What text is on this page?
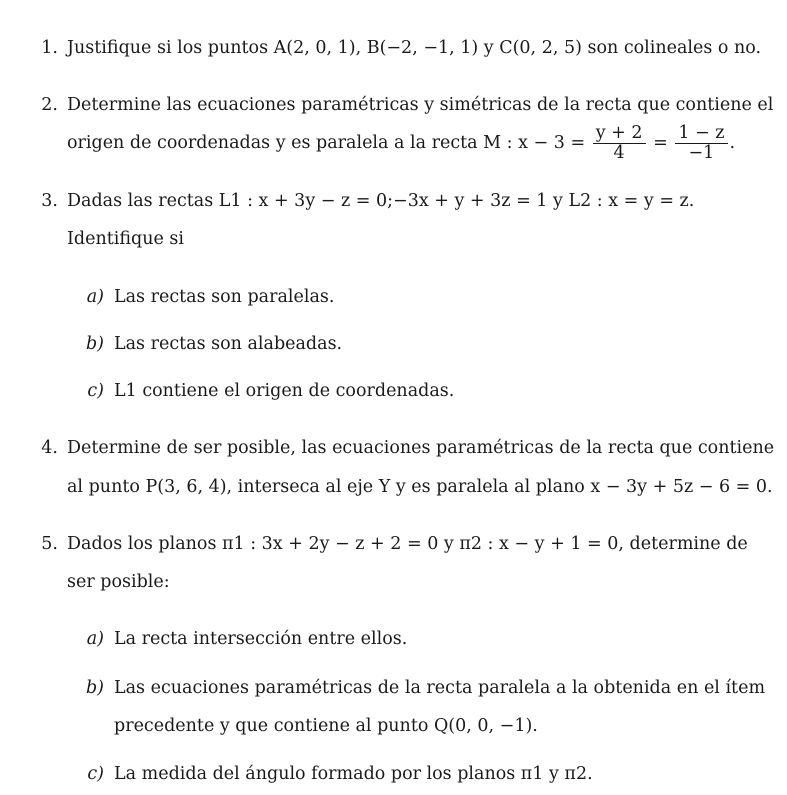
1. Justifique si los puntos A(2, 0, 1), B(−2, −1, 1) y C(0, 2, 5) son colineales o no.
2. Determine las ecuaciones paramétricas y simétricas de la recta que contiene el
origen de coordenadas y es paralela a la recta M : $x - 3 = \frac{y + 2}{4} = \frac{1 - z}{-1}$ .
3. Dadas las rectas L1 : x + 3y − z = 0;−3x + y + 3z = 1 y L2 : x = y = z.
Identifique si
a) Las rectas son paralelas.
b) Las rectas son alabeadas.
c) L1 contiene el origen de coordenadas.
4. Determine de ser posible, las ecuaciones paramétricas de la recta que contiene
al punto P(3, 6, 4), interseca al eje Y y es paralela al plano x − 3y + 5z − 6 = 0.
5. Dados los planos π1 : 3x + 2y − z + 2 = 0 y π2 : x − y + 1 = 0, determine de
ser posible:
a) La recta intersección entre ellos.
b) Las ecuaciones paramétricas de la recta paralela a la obtenida en el ítem
precedente y que contiene al punto Q(0, 0, −1).
c) La medida del ángulo formado por los planos π1 y π2.
